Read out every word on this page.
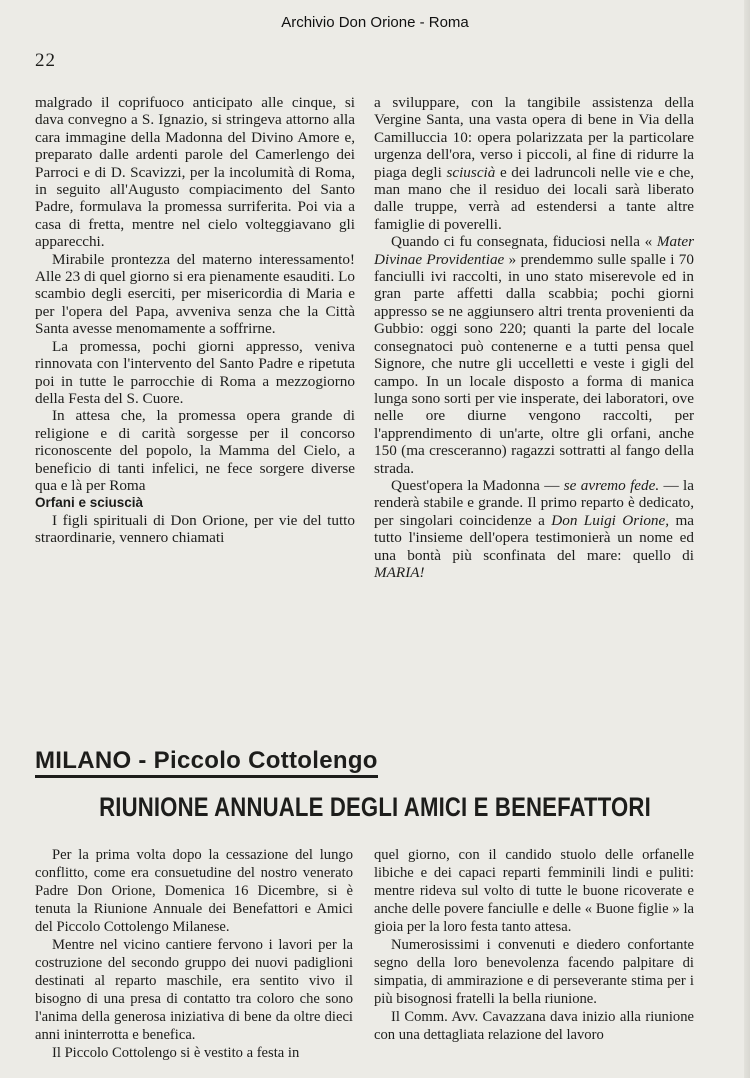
Archivio Don Orione - Roma
22

malgrado il coprifuoco anticipato alle cinque, si dava convegno a S. Ignazio, si stringeva attorno alla cara immagine della Madonna del Divino Amore e, preparato dalle ardenti parole del Camerlengo dei Parroci e di D. Scavizzi, per la incolumità di Roma, in seguito all'Augusto compiacimento del Santo Padre, formulava la promessa surriferita. Poi via a casa di fretta, mentre nel cielo volteggiavano gli apparecchi.

Mirabile prontezza del materno interessamento! Alle 23 di quel giorno si era pienamente esauditi. Lo scambio degli eserciti, per misericordia di Maria e per l'opera del Papa, avveniva senza che la Città Santa avesse menomamente a soffrirne.

La promessa, pochi giorni appresso, veniva rinnovata con l'intervento del Santo Padre e ripetuta poi in tutte le parrocchie di Roma a mezzogiorno della Festa del S. Cuore.

In attesa che, la promessa opera grande di religione e di carità sorgesse per il concorso riconoscente del popolo, la Mamma del Cielo, a beneficio di tanti infelici, ne fece sorgere diverse qua e là per Roma

Orfani e sciuscià

I figli spirituali di Don Orione, per vie del tutto straordinarie, vennero chiamati

a svilupparе, con la tangibile assistenza della Vergine Santa, una vasta opera di bene in Via della Camilluccia 10: opera polarizzata per la particolare urgenza dell'ora, verso i piccoli, al fine di ridurre la piaga degli sciuscià e dei ladruncoli nelle vie e che, man mano che il residuo dei locali sarà liberato dalle truppe, verrà ad estendersi a tante altre famiglie di poverelli.

Quando ci fu consegnata, fiduciosi nella « Mater Divinae Providentiae » prendemmo sulle spalle i 70 fanciulli ivi raccolti, in uno stato miserevole ed in gran parte affetti dalla scabbia; pochi giorni appresso se ne aggiunsero altri trenta provenienti da Gubbio: oggi sono 220; quanti la parte del locale consegnatoci può contenerne e a tutti pensa quel Signore, che nutre gli uccelletti e veste i gigli del campo. In un locale disposto a forma di manica lunga sono sorti per vie insperate, dei laboratori, ove nelle ore diurne vengono raccolti, per l'apprendimento di un'arte, oltre gli orfani, anche 150 (ma cresceranno) ragazzi sottratti al fango della strada.

Quest'opera la Madonna — se avremo fede. — la renderà stabile e grande. Il primo reparto è dedicato, per singolari coincidenze a Don Luigi Orione, ma tutto l'insieme dell'opera testimonierà un nome ed una bontà più sconfinata del mare: quello di MARIA!

MILANO - Piccolo Cottolengo
RIUNIONE ANNUALE DEGLI AMICI E BENEFATTORI

Per la prima volta dopo la cessazione del lungo conflitto, come era consuetudine del nostro venerato Padre Don Orione, Domenica 16 Dicembre, si è tenuta la Riunione Annuale dei Benefattori e Amici del Piccolo Cottolengo Milanese.

Mentre nel vicino cantiere fervono i lavori per la costruzione del secondo gruppo dei nuovi padiglioni destinati al reparto maschile, era sentito vivo il bisogno di una presa di contatto tra coloro che sono l'anima della generosa iniziativa di bene da oltre dieci anni ininterrotta e benefica.

Il Piccolo Cottolengo si è vestito a festa in

quel giorno, con il candido stuolo delle orfanelle libiche e dei capaci reparti femminili lindi e puliti: mentre rideva sul volto di tutte le buone ricoverate e anche delle povere fanciulle e delle « Buone figlie » la gioia per la loro festa tanto attesa.

Numerosissimi i convenuti e diedero confortante segno della loro benevolenza facendo palpitare di simpatia, di ammirazione e di perseverante stima per i più bisognosi fratelli la bella riunione.

Il Comm. Avv. Cavazzana dava inizio alla riunione con una dettagliata relazione del lavoro
